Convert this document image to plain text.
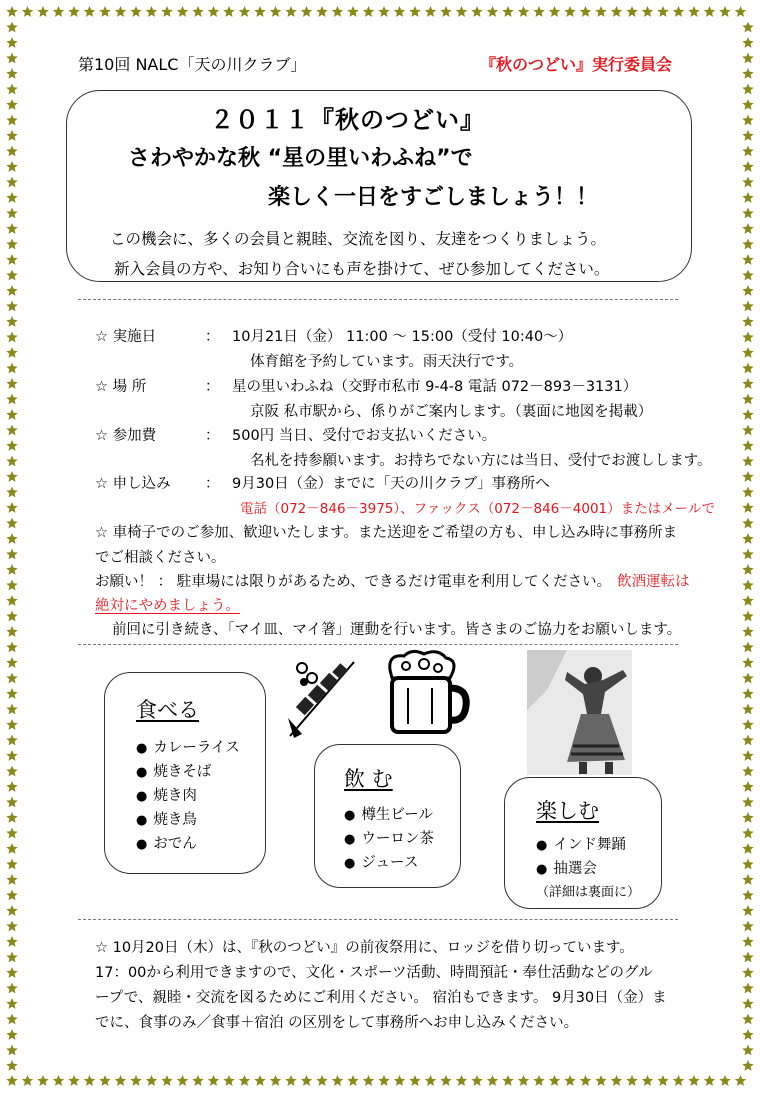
第10回 NALC「天の川クラブ」	『秋のつどい』実行委員会
２０１１『秋のつどい』
さわやかな秋 “星の里いわふね”で
楽しく一日をすごしましょう！！
この機会に、多くの会員と親睦、交流を図り、友達をつくりましょう。
新入会員の方や、お知り合いにも声を掛けて、ぜひ参加してください。
☆ 実施日	： 10月21日（金） 11:00 ～ 15:00（受付 10:40～）
体育館を予約しています。雨天決行です。
☆ 場 所	： 星の里いわふね（交野市私市 9-4-8 電話 072－893－3131）
京阪 私市駅から、係りがご案内します。（裏面に地図を掲載）
☆ 参加費	： 500円 当日、受付でお支払いください。
名札を持参願います。お持ちでない方には当日、受付でお渡しします。
☆ 申し込み ： 9月30日（金）までに「天の川クラブ」事務所へ
電話（072－846－3975）、ファックス（072－846－4001）またはメールで
☆ 車椅子でのご参加、歓迎いたします。また送迎をご希望の方も、申し込み時に事務所ま
でご相談ください。
お願い！ ： 駐車場には限りがあるため、できるだけ電車を利用してください。 飲酒運転は
絶対にやめましょう。
前回に引き続き、「マイ皿、マイ箸」運動を行います。皆さまのご協力をお願いします。
食べる
● カレーライス
● 焼きそば
● 焼き肉
● 焼き鳥
● おでん
飲 む
● 樽生ビール
● ウーロン茶
● ジュース
楽しむ
● インド舞踊
● 抽選会
（詳細は裏面に）
☆ 10月20日（木）は、『秋のつどい』の前夜祭用に、ロッジを借り切っています。
17：00から利用できますので、文化・スポーツ活動、時間預託・奉仕活動などのグル
ープで、親睦・交流を図るためにご利用ください。 宿泊もできます。 9月30日（金）ま
でに、食事のみ／食事＋宿泊 の区別をして事務所へお申し込みください。
